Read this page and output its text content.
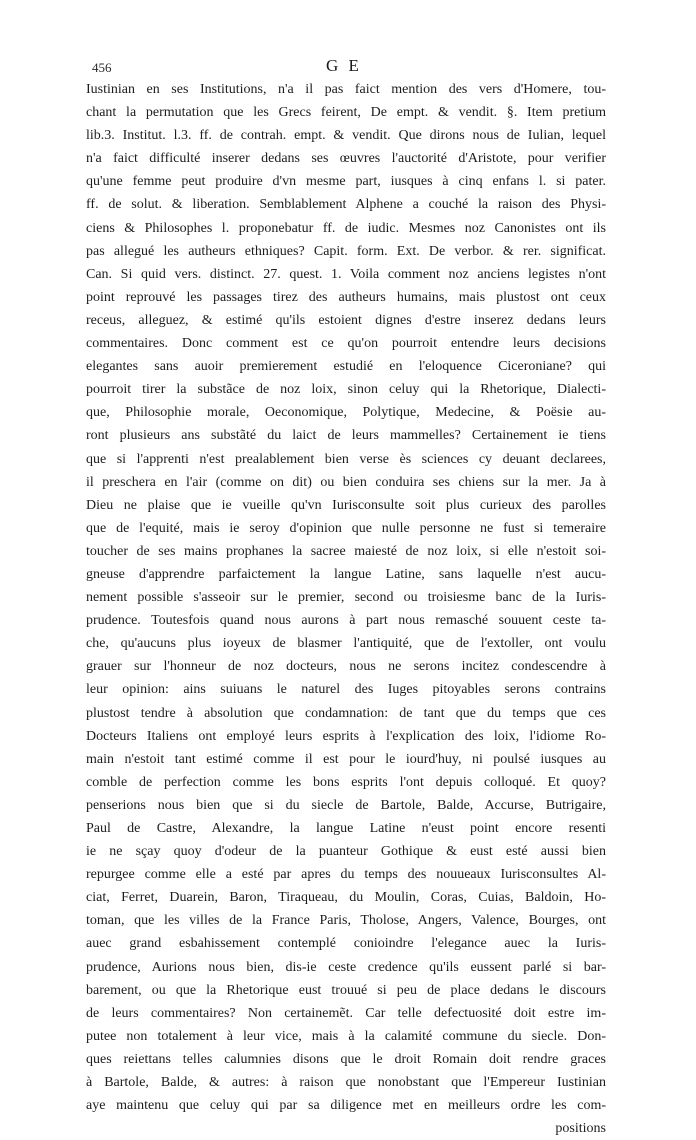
456	G E
Iustinian en ses Institutions, n'a il pas faict mention des vers d'Homere, tou-
chant la permutation que les Grecs feirent, De empt. & vendit. §. Item pretium
lib.3. Institut. l.3. ff. de contrah. empt. & vendit. Que dirons nous de Iulian, lequel
n'a faict difficulté inserer dedans ses œuvres l'auctorité d'Aristote, pour verifier
qu'une femme peut produire d'vn mesme part, iusques à cinq enfans l. si pater.
ff. de solut. & liberation. Semblablement Alphene a couché la raison des Physi-
ciens & Philosophes l. proponebatur ff. de iudic. Mesmes noz Canonistes ont ils
pas allegué les autheurs ethniques? Capit. form. Ext. De verbor. & rer. significat.
Can. Si quid vers. distinct. 27. quest. 1. Voila comment noz anciens legistes n'ont
point reprouvé les passages tirez des autheurs humains, mais plustost ont ceux
receus, alleguez, & estimé qu'ils estoient dignes d'estre inserez dedans leurs
commentaires. Donc comment est ce qu'on pourroit entendre leurs decisions
elegantes sans auoir premierement estudié en l'eloquence Ciceroniane? qui
pourroit tirer la substãce de noz loix, sinon celuy qui la Rhetorique, Dialecti-
que, Philosophie morale, Oeconomique, Polytique, Medecine, & Poësie au-
ront plusieurs ans substãté du laict de leurs mammelles? Certainement ie tiens
que si l'apprenti n'est prealablement bien verse ès sciences cy deuant declarees,
il preschera en l'air (comme on dit) ou bien conduira ses chiens sur la mer. Ja à
Dieu ne plaise que ie vueille qu'vn Iurisconsulte soit plus curieux des parolles
que de l'equité, mais ie seroy d'opinion que nulle personne ne fust si temeraire
toucher de ses mains prophanes la sacree maiesté de noz loix, si elle n'estoit soi-
gneuse d'apprendre parfaictement la langue Latine, sans laquelle n'est aucu-
nement possible s'asseoir sur le premier, second ou troisiesme banc de la Iuris-
prudence. Toutesfois quand nous aurons à part nous remasché souuent ceste ta-
che, qu'aucuns plus ioyeux de blasmer l'antiquité, que de l'extoller, ont voulu
grauer sur l'honneur de noz docteurs, nous ne serons incitez condescendre à
leur opinion: ains suiuans le naturel des Iuges pitoyables serons contrains
plustost tendre à absolution que condamnation: de tant que du temps que ces
Docteurs Italiens ont employé leurs esprits à l'explication des loix, l'idiome Ro-
main n'estoit tant estimé comme il est pour le iourd'huy, ni poulsé iusques au
comble de perfection comme les bons esprits l'ont depuis colloqué. Et quoy?
penserions nous bien que si du siecle de Bartole, Balde, Accurse, Butrigaire,
Paul de Castre, Alexandre, la langue Latine n'eust point encore resenti
ie ne sçay quoy d'odeur de la puanteur Gothique & eust esté aussi bien
repurgee comme elle a esté par apres du temps des nouueaux Iurisconsultes Al-
ciat, Ferret, Duarein, Baron, Tiraqueau, du Moulin, Coras, Cuias, Baldoin, Ho-
toman, que les villes de la France Paris, Tholose, Angers, Valence, Bourges, ont
auec grand esbahissement contemplé conioindre l'elegance auec la Iuris-
prudence, Aurions nous bien, dis-ie ceste credence qu'ils eussent parlé si bar-
barement, ou que la Rhetorique eust trouué si peu de place dedans le discours
de leurs commentaires? Non certainemẽt. Car telle defectuosité doit estre im-
putee non totalement à leur vice, mais à la calamité commune du siecle. Don-
ques reiettans telles calumnies disons que le droit Romain doit rendre graces
à Bartole, Balde, & autres: à raison que nonobstant que l'Empereur Iustinian
aye maintenu que celuy qui par sa diligence met en meilleurs ordre les com-
positions
